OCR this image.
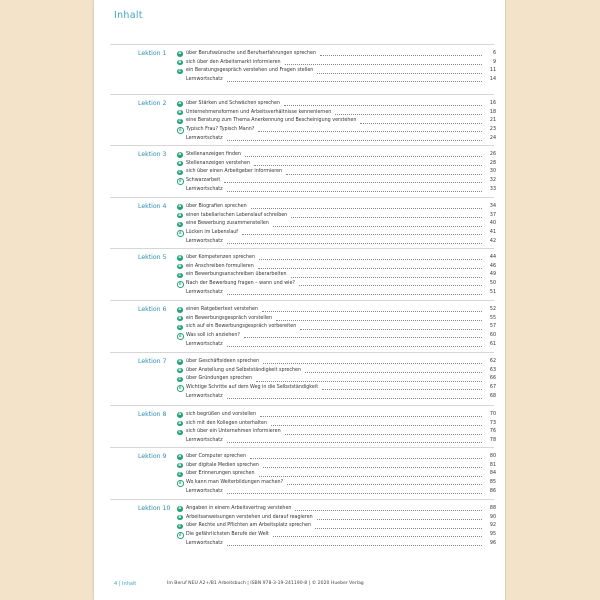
Inhalt
Lektion 1	A über Berufswünsche und Berufserfahrungen sprechen	6
B sich über den Arbeitsmarkt informieren	9
C	ein Beratungsgespräch verstehen und Fragen stellen	11
Lernwortschatz	14
Lektion 2	A über Stärken und Schwächen sprechen	16
B Unternehmensformen und Arbeitsverhältnisse kennenlernen	18
C	eine Beratung zum Thema Anerkennung und Bescheinigung verstehen	21
E Typisch Frau? Typisch Mann?	23
Lernwortschatz	24
Lektion 3	A Stellenanzeigen finden	26
B Stellenanzeigen verstehen	28
C	sich über einen Arbeitgeber informieren	30
E Schwarzarbeit	32
Lernwortschatz	33
Lektion 4	A über Biografien sprechen	34
B einen tabellarischen Lebenslauf schreiben	37
C	eine Bewerbung zusammenstellen	40
E Lücken im Lebenslauf	41
Lernwortschatz	42
Lektion 5	A über Kompetenzen sprechen	44
B ein Anschreiben formulieren	46
C	ein Bewerbungsanschreiben überarbeiten	49
E Nach der Bewerbung fragen – wann und wie?	50
Lernwortschatz	51
Lektion 6	A einen Ratgebertext verstehen	52
B ein Bewerbungsgespräch vorstellen	55
C	sich auf ein Bewerbungsgespräch vorbereiten	57
E Was soll ich anziehen?	60
Lernwortschatz	61
Lektion 7	A über Geschäftsideen sprechen	62
B über Anstellung und Selbstständigkeit sprechen	63
C	über Gründungen sprechen	66
E Wichtige Schritte auf dem Weg in die Selbstständigkeit	67
Lernwortschatz	68
Lektion 8	A sich begrüßen und vorstellen	70
B sich mit den Kollegen unterhalten	73
C	sich über ein Unternehmen informieren	76
Lernwortschatz	78
Lektion 9	A über Computer sprechen	80
B über digitale Medien sprechen	81
C	über Erinnerungen sprechen	84
E Wo kann man Weiterbildungen machen?	85
Lernwortschatz	86
Lektion 10	A Angaben in einem Arbeitsvertrag verstehen	88
B Arbeitsanweisungen verstehen und darauf reagieren	90
C	über Rechte und Pflichten am Arbeitsplatz sprechen	92
E Die gefährlichsten Berufe der Welt	95
Lernwortschatz	96
4 | Inhalt	Im Beruf NEU A2+/B1 Arbeitsbuch | ISBN 978-3-19-241190-8 | © 2020 Hueber Verlag
